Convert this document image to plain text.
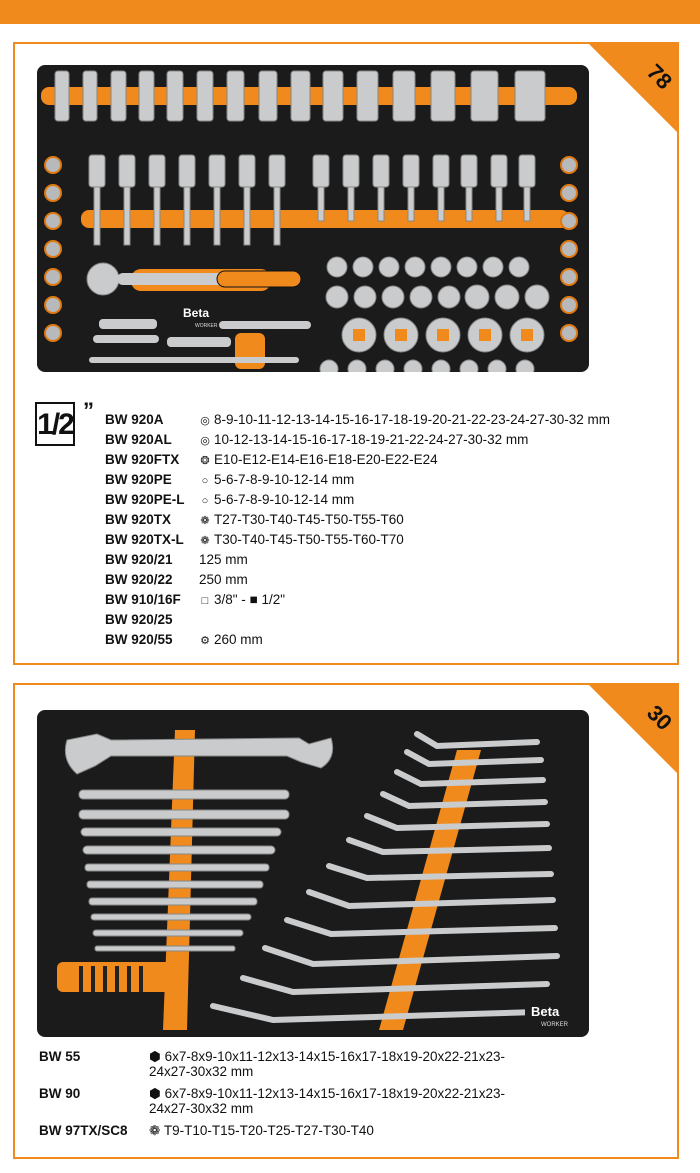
78
Beta
WORKER
1/2 ” BW 920A	◎ 8-9-10-11-12-13-14-15-16-17-18-19-20-21-22-23-24-27-30-32 mm
BW 920AL	◎ 10-12-13-14-15-16-17-18-19-21-22-24-27-30-32 mm
BW 920FTX ❂ E10-E12-E14-E16-E18-E20-E22-E24
BW 920PE	○ 5-6-7-8-9-10-12-14 mm
BW 920PE-L ○ 5-6-7-8-9-10-12-14 mm
BW 920TX	❁ T27-T30-T40-T45-T50-T55-T60
BW 920TX-L ❁ T30-T40-T45-T50-T55-T60-T70
BW 920/21 125 mm
BW 920/22 250 mm
BW 910/16F □ 3/8" - ■ 1/2"
BW 920/25
BW 920/55	⚙ 260 mm
30
Beta
WORKER
BW 55	⬢ 6x7-8x9-10x11-12x13-14x15-16x17-18x19-20x22-21x23-
24x27-30x32 mm
BW 90	⬢ 6x7-8x9-10x11-12x13-14x15-16x17-18x19-20x22-21x23-
24x27-30x32 mm
BW 97TX/SC8 ❁ T9-T10-T15-T20-T25-T27-T30-T40
